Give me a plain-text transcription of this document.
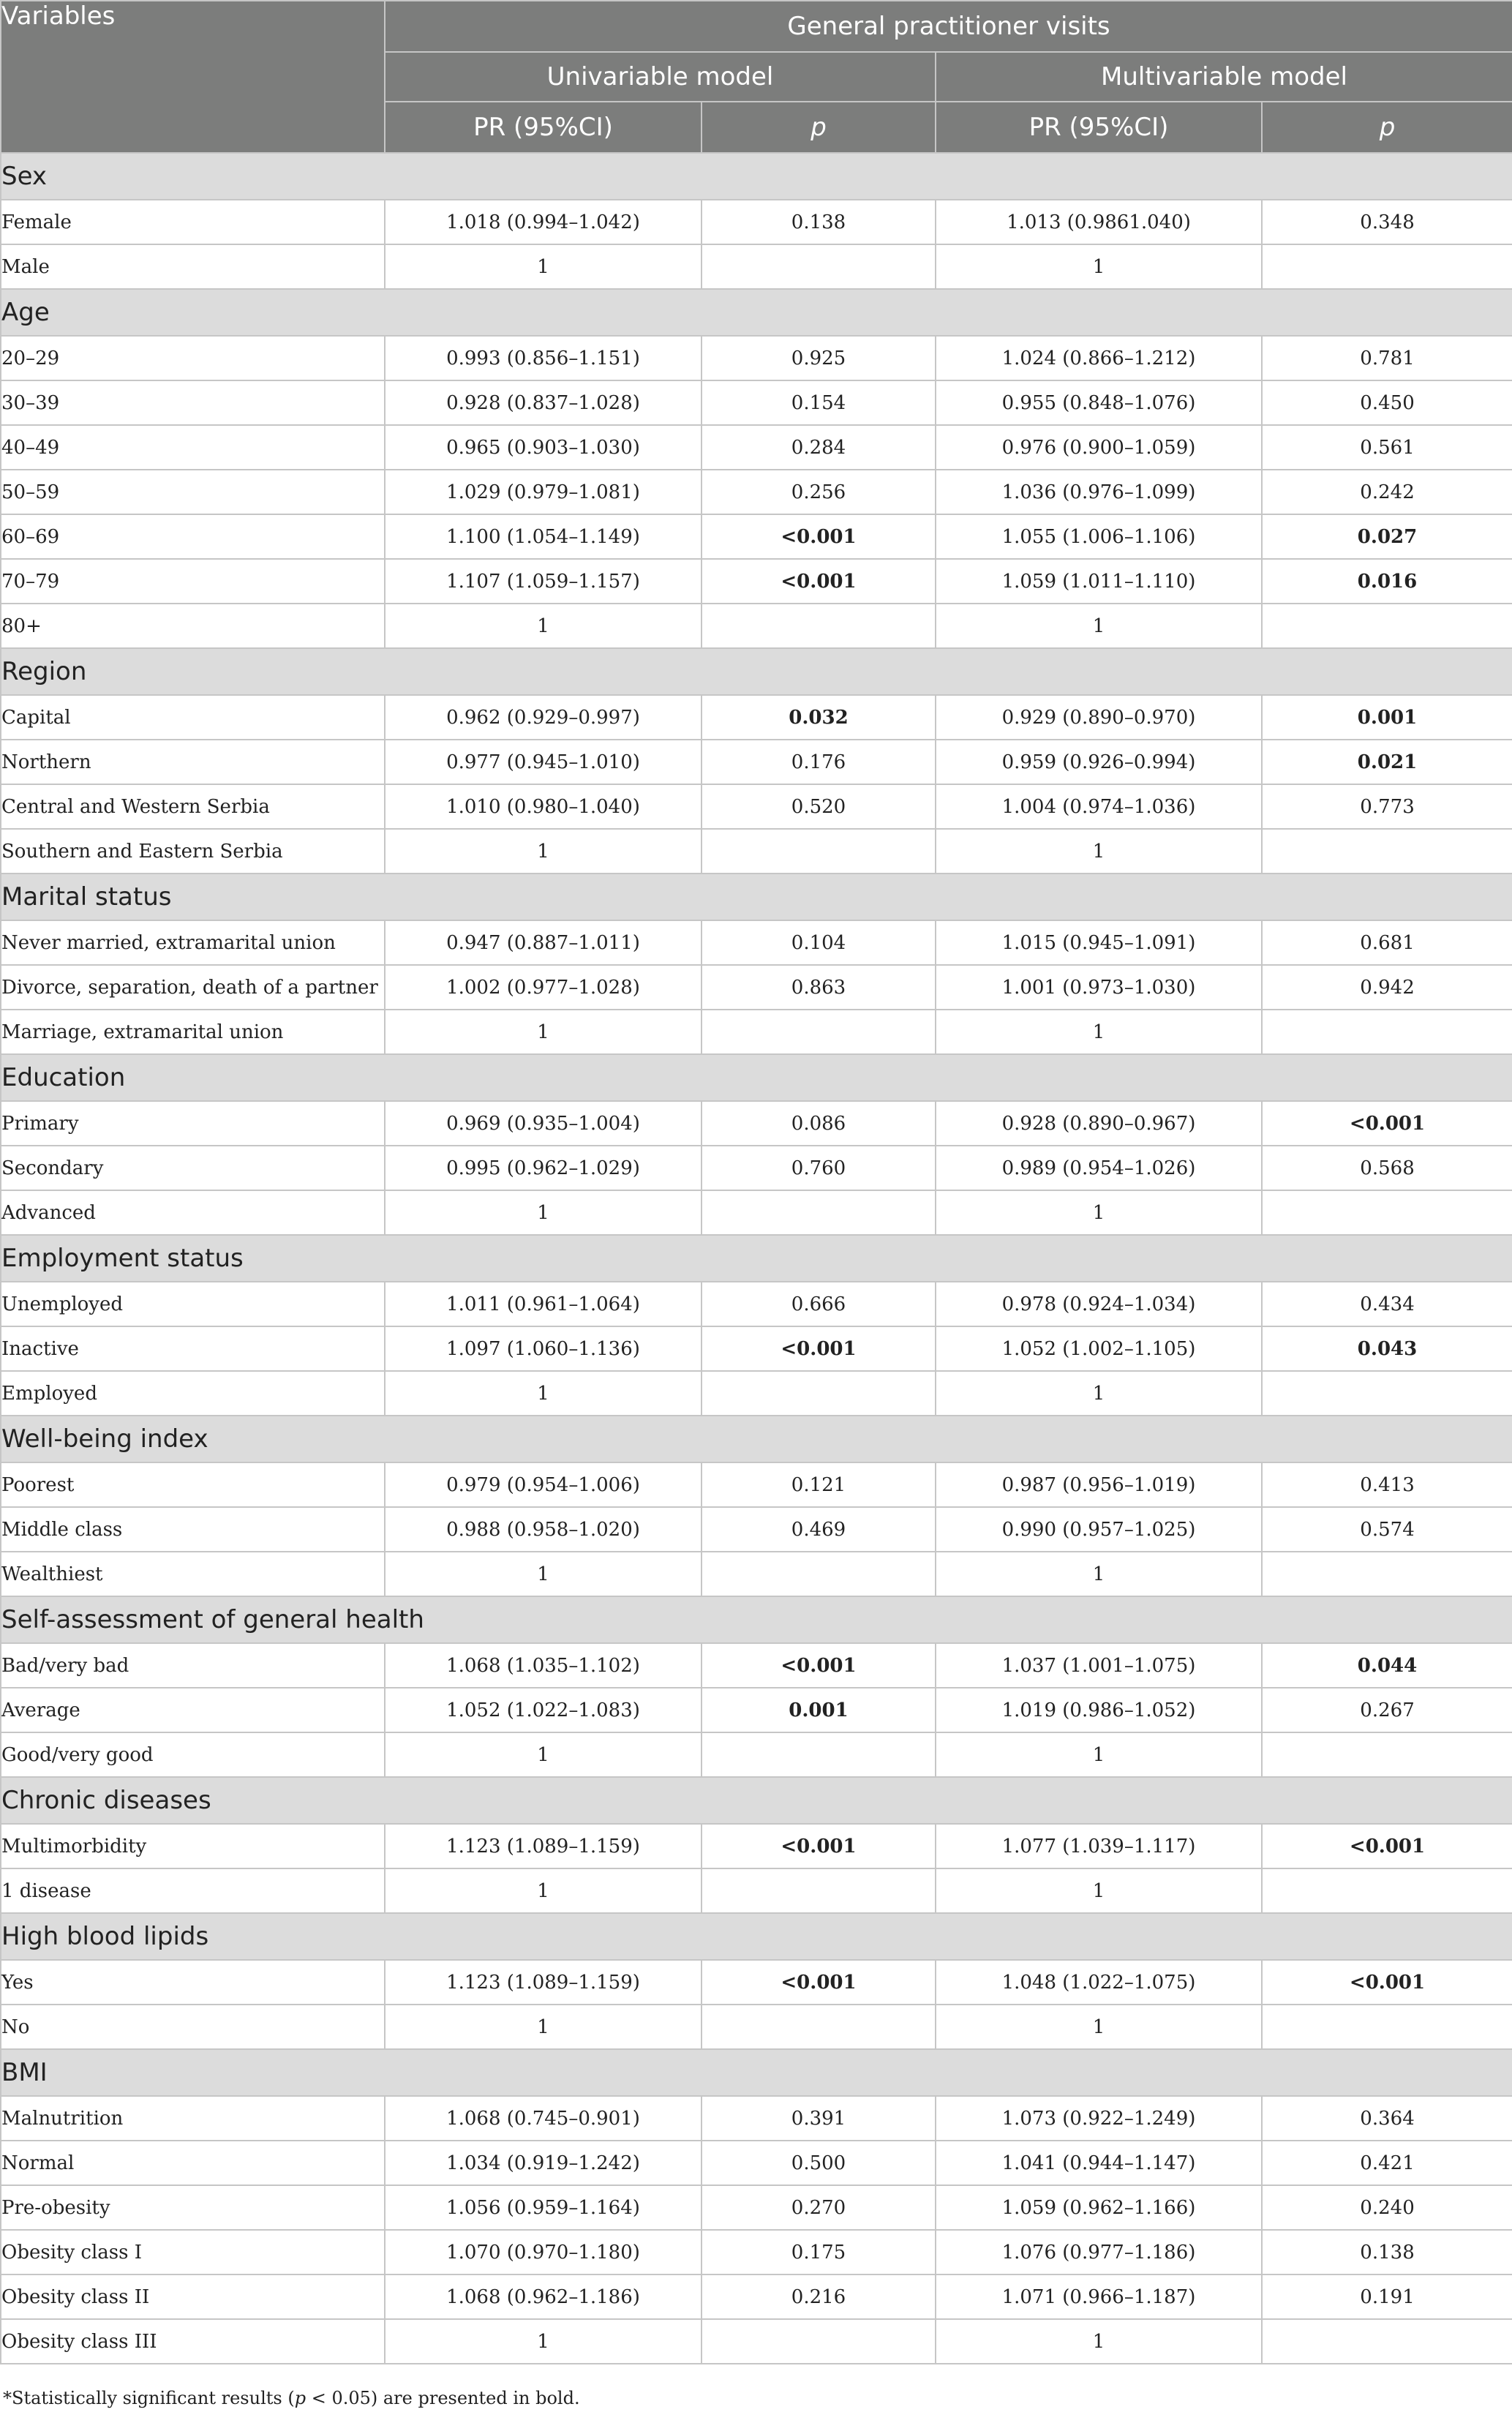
Variables	General practitioner visits			
	Univariable model		Multivariable model	
	PR (95%CI)	p	PR (95%CI)	p
Sex				
Female	1.018 (0.994–1.042)	0.138	1.013 (0.9861.040)	0.348
Male	1		1	
Age				
20–29	0.993 (0.856–1.151)	0.925	1.024 (0.866–1.212)	0.781
30–39	0.928 (0.837–1.028)	0.154	0.955 (0.848–1.076)	0.450
40–49	0.965 (0.903–1.030)	0.284	0.976 (0.900–1.059)	0.561
50–59	1.029 (0.979–1.081)	0.256	1.036 (0.976–1.099)	0.242
60–69	1.100 (1.054–1.149)	<0.001	1.055 (1.006–1.106)	0.027
70–79	1.107 (1.059–1.157)	<0.001	1.059 (1.011–1.110)	0.016
80+	1		1	
Region				
Capital	0.962 (0.929–0.997)	0.032	0.929 (0.890–0.970)	0.001
Northern	0.977 (0.945–1.010)	0.176	0.959 (0.926–0.994)	0.021
Central and Western Serbia	1.010 (0.980–1.040)	0.520	1.004 (0.974–1.036)	0.773
Southern and Eastern Serbia	1		1	
Marital status				
Never married, extramarital union	0.947 (0.887–1.011)	0.104	1.015 (0.945–1.091)	0.681
Divorce, separation, death of a partner	1.002 (0.977–1.028)	0.863	1.001 (0.973–1.030)	0.942
Marriage, extramarital union	1		1	
Education				
Primary	0.969 (0.935–1.004)	0.086	0.928 (0.890–0.967)	<0.001
Secondary	0.995 (0.962–1.029)	0.760	0.989 (0.954–1.026)	0.568
Advanced	1		1	
Employment status				
Unemployed	1.011 (0.961–1.064)	0.666	0.978 (0.924–1.034)	0.434
Inactive	1.097 (1.060–1.136)	<0.001	1.052 (1.002–1.105)	0.043
Employed	1		1	
Well-being index				
Poorest	0.979 (0.954–1.006)	0.121	0.987 (0.956–1.019)	0.413
Middle class	0.988 (0.958–1.020)	0.469	0.990 (0.957–1.025)	0.574
Wealthiest	1		1	
Self-assessment of general health				
Bad/very bad	1.068 (1.035–1.102)	<0.001	1.037 (1.001–1.075)	0.044
Average	1.052 (1.022–1.083)	0.001	1.019 (0.986–1.052)	0.267
Good/very good	1		1	
Chronic diseases				
Multimorbidity	1.123 (1.089–1.159)	<0.001	1.077 (1.039–1.117)	<0.001
1 disease	1		1	
High blood lipids				
Yes	1.123 (1.089–1.159)	<0.001	1.048 (1.022–1.075)	<0.001
No	1		1	
BMI				
Malnutrition	1.068 (0.745–0.901)	0.391	1.073 (0.922–1.249)	0.364
Normal	1.034 (0.919–1.242)	0.500	1.041 (0.944–1.147)	0.421
Pre-obesity	1.056 (0.959–1.164)	0.270	1.059 (0.962–1.166)	0.240
Obesity class I	1.070 (0.970–1.180)	0.175	1.076 (0.977–1.186)	0.138
Obesity class II	1.068 (0.962–1.186)	0.216	1.071 (0.966–1.187)	0.191
Obesity class III	1		1	
*Statistically significant results (p < 0.05) are presented in bold.
